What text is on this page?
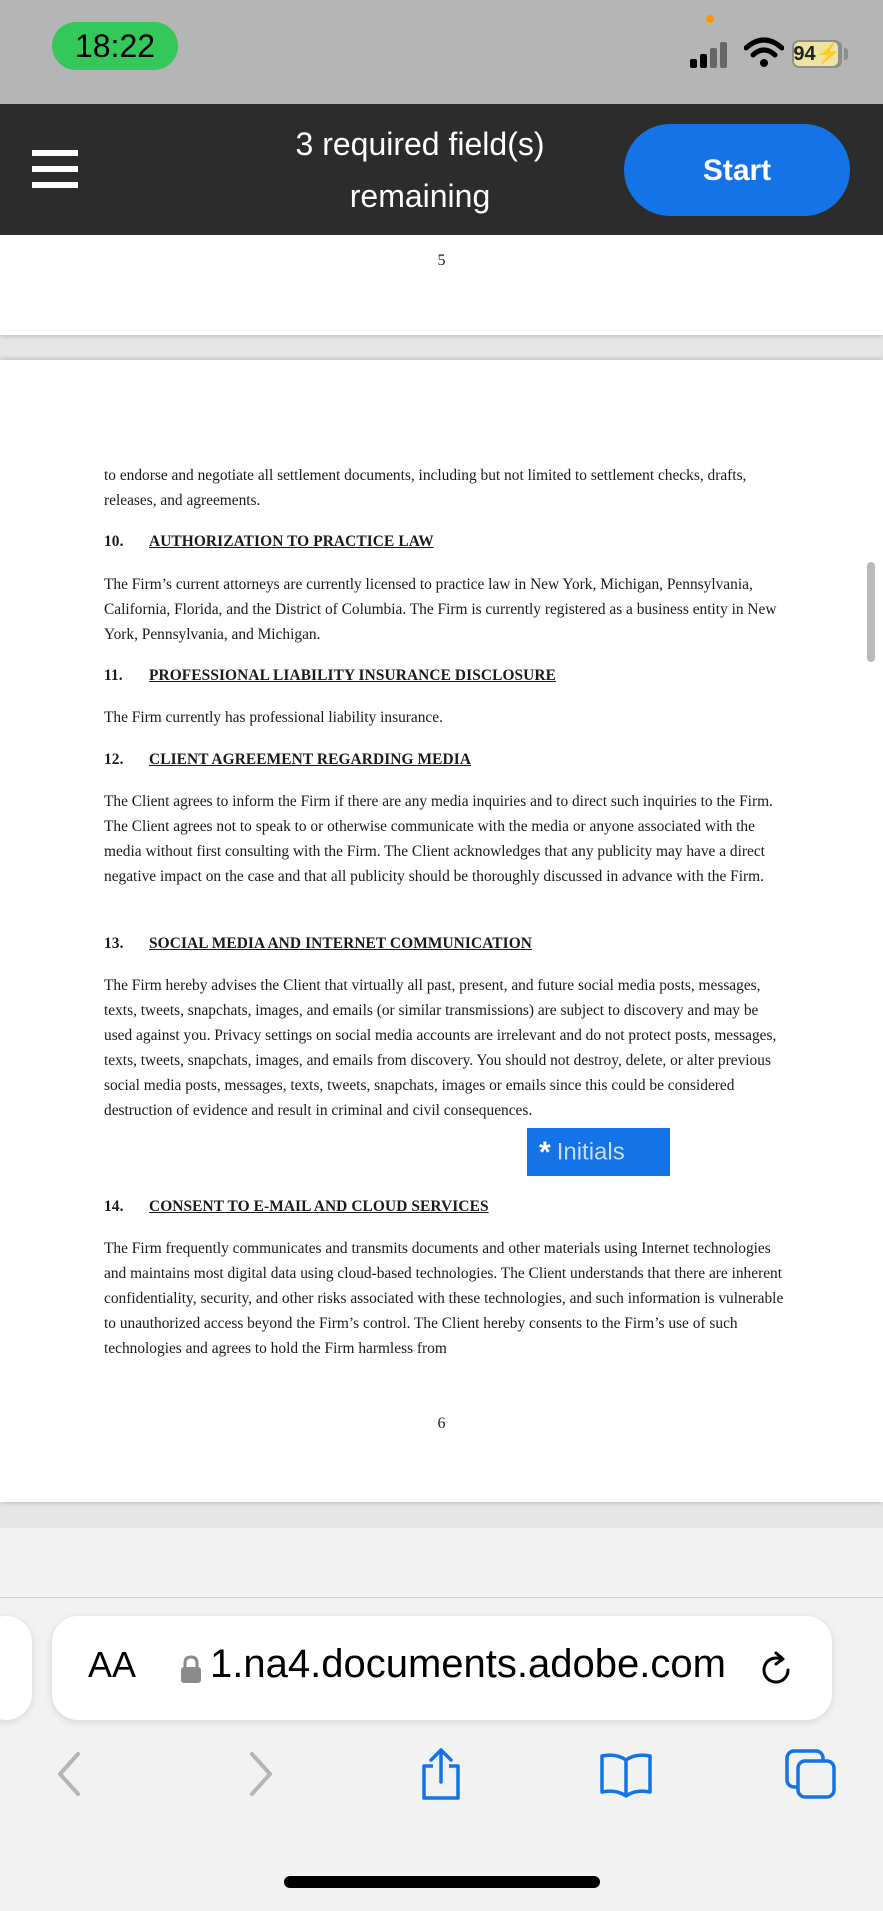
18:22	94⚡
3 required field(s)
remaining
Start
5
to endorse and negotiate all settlement documents, including but not limited to settlement checks, drafts, releases, and agreements.
10. AUTHORIZATION TO PRACTICE LAW
The Firm’s current attorneys are currently licensed to practice law in New York, Michigan, Pennsylvania, California, Florida, and the District of Columbia. The Firm is currently registered as a business entity in New York, Pennsylvania, and Michigan.
11. PROFESSIONAL LIABILITY INSURANCE DISCLOSURE
The Firm currently has professional liability insurance.
12. CLIENT AGREEMENT REGARDING MEDIA
The Client agrees to inform the Firm if there are any media inquiries and to direct such inquiries to the Firm. The Client agrees not to speak to or otherwise communicate with the media or anyone associated with the media without first consulting with the Firm. The Client acknowledges that any publicity may have a direct negative impact on the case and that all publicity should be thoroughly discussed in advance with the Firm.
13. SOCIAL MEDIA AND INTERNET COMMUNICATION
The Firm hereby advises the Client that virtually all past, present, and future social media posts, messages, texts, tweets, snapchats, images, and emails (or similar transmissions) are subject to discovery and may be used against you. Privacy settings on social media accounts are irrelevant and do not protect posts, messages, texts, tweets, snapchats, images, and emails from discovery. You should not destroy, delete, or alter previous social media posts, messages, texts, tweets, snapchats, images or emails since this could be considered destruction of evidence and result in criminal and civil consequences.
* Initials
14. CONSENT TO E-MAIL AND CLOUD SERVICES
The Firm frequently communicates and transmits documents and other materials using Internet technologies and maintains most digital data using cloud-based technologies. The Client understands that there are inherent confidentiality, security, and other risks associated with these technologies, and such information is vulnerable to unauthorized access beyond the Firm’s control. The Client hereby consents to the Firm’s use of such technologies and agrees to hold the Firm harmless from
6
AA 1.na4.documents.adobe.com
